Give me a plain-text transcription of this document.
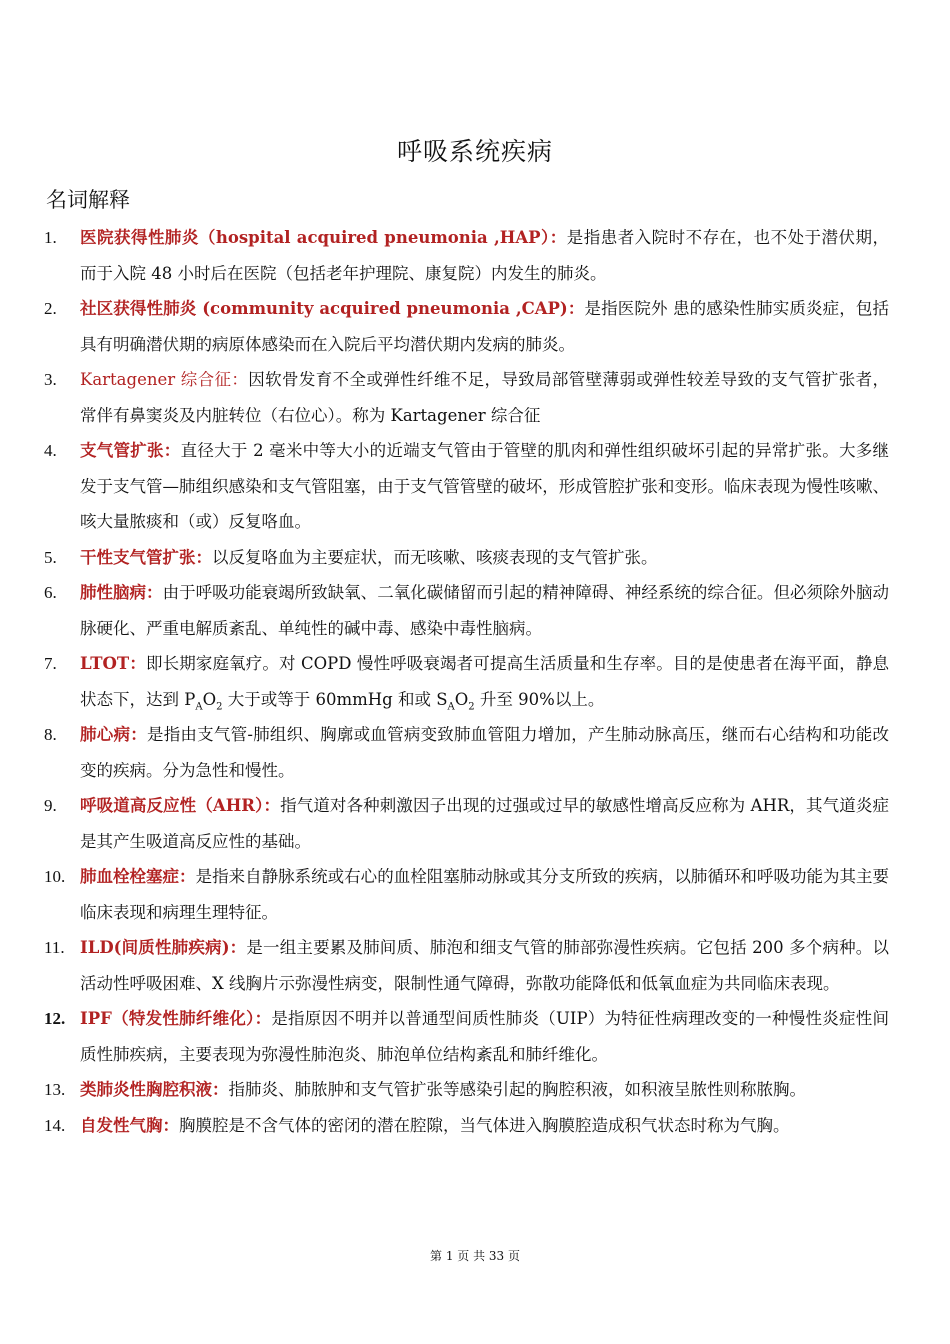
呼吸系统疾病
名词解释
1.	医院获得性肺炎（hospital acquired pneumonia ,HAP）：是指患者入院时不存在，也不处于潜伏期，而于入院 48 小时后在医院（包括老年护理院、康复院）内发生的肺炎。
2.	社区获得性肺炎 (community acquired pneumonia ,CAP)：是指医院外 患的感染性肺实质炎症，包括具有明确潜伏期的病原体感染而在入院后平均潜伏期内发病的肺炎。
3.	Kartagener 综合征：因软骨发育不全或弹性纤维不足，导致局部管壁薄弱或弹性较差导致的支气管扩张者，常伴有鼻窦炎及内脏转位（右位心）。称为 Kartagener 综合征
4.	支气管扩张：直径大于 2 毫米中等大小的近端支气管由于管壁的肌肉和弹性组织破坏引起的异常扩张。大多继发于支气管—肺组织感染和支气管阻塞，由于支气管管壁的破坏，形成管腔扩张和变形。临床表现为慢性咳嗽、咳大量脓痰和（或）反复咯血。
5.	干性支气管扩张：以反复咯血为主要症状，而无咳嗽、咳痰表现的支气管扩张。
6.	肺性脑病：由于呼吸功能衰竭所致缺氧、二氧化碳储留而引起的精神障碍、神经系统的综合征。但必须除外脑动脉硬化、严重电解质紊乱、单纯性的碱中毒、感染中毒性脑病。
7.	LTOT：即长期家庭氧疗。对 COPD 慢性呼吸衰竭者可提高生活质量和生存率。目的是使患者在海平面，静息状态下，达到 $P_AO_2$ 大于或等于 60mmHg 和或 $S_AO_2$ 升至 90%以上。
8.	肺心病：是指由支气管-肺组织、胸廓或血管病变致肺血管阻力增加，产生肺动脉高压，继而右心结构和功能改变的疾病。分为急性和慢性。
9.	呼吸道高反应性（AHR）：指气道对各种刺激因子出现的过强或过早的敏感性增高反应称为 AHR，其气道炎症是其产生吸道高反应性的基础。
10. 肺血栓栓塞症：是指来自静脉系统或右心的血栓阻塞肺动脉或其分支所致的疾病，以肺循环和呼吸功能为其主要临床表现和病理生理特征。
11. ILD(间质性肺疾病)：是一组主要累及肺间质、肺泡和细支气管的肺部弥漫性疾病。它包括 200 多个病种。以活动性呼吸困难、X 线胸片示弥漫性病变，限制性通气障碍，弥散功能降低和低氧血症为共同临床表现。
12. IPF（特发性肺纤维化）：是指原因不明并以普通型间质性肺炎（UIP）为特征性病理改变的一种慢性炎症性间质性肺疾病，主要表现为弥漫性肺泡炎、肺泡单位结构紊乱和肺纤维化。
13. 类肺炎性胸腔积液：指肺炎、肺脓肿和支气管扩张等感染引起的胸腔积液，如积液呈脓性则称脓胸。
14. 自发性气胸：胸膜腔是不含气体的密闭的潜在腔隙，当气体进入胸膜腔造成积气状态时称为气胸。
第 1 页 共 33 页
